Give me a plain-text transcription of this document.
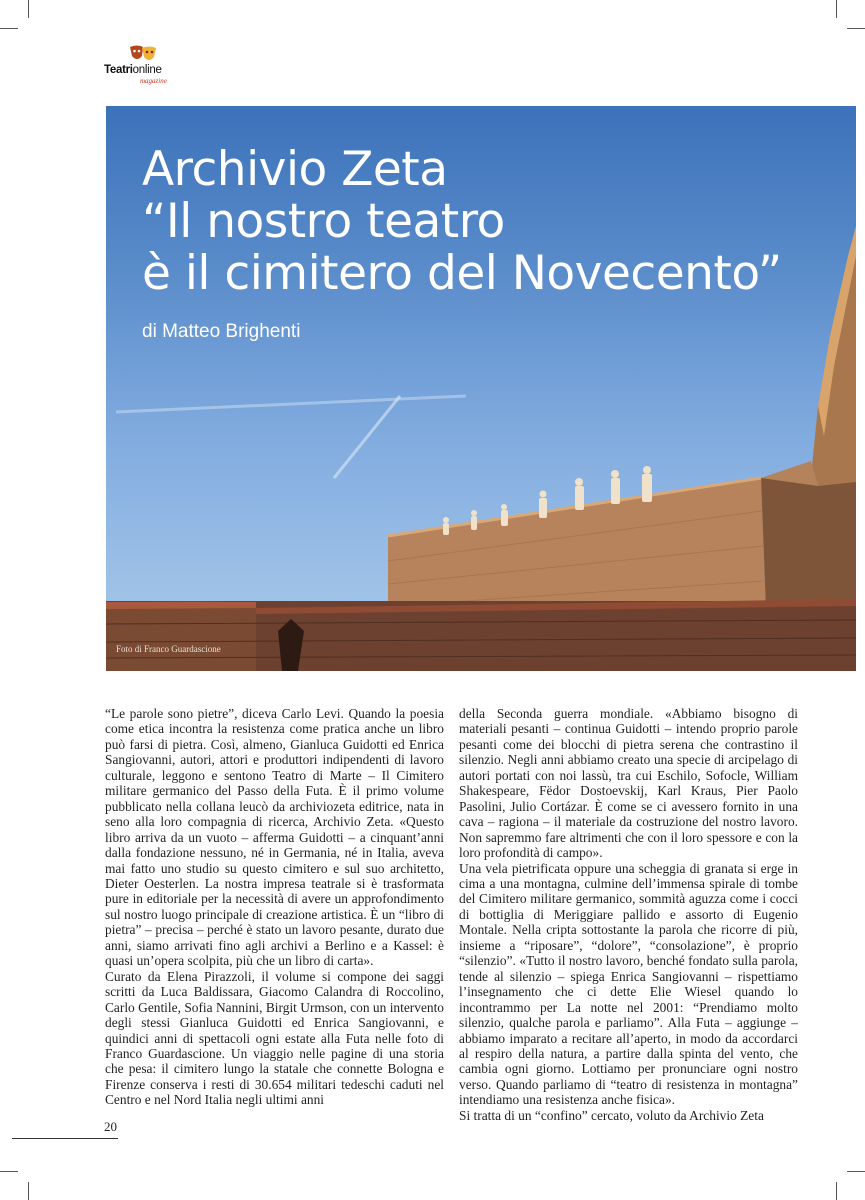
Teatrionline
magazine
Archivio Zeta
“Il nostro teatro
è il cimitero del Novecento”
di Matteo Brighenti
Foto di Franco Guardascione

“Le parole sono pietre”, diceva Carlo Levi. Quando la poesia come etica incontra la resistenza come pratica anche un libro può farsi di pietra. Così, almeno, Gianluca Guidotti ed Enrica Sangiovanni, autori, attori e produttori indipendenti di lavoro culturale, leggono e sentono Teatro di Marte – Il Cimitero militare germanico del Passo della Futa. È il primo volume pubblicato nella collana leucò da archiviozeta editrice, nata in seno alla loro compagnia di ricerca, Archivio Zeta. «Questo libro arriva da un vuoto – afferma Guidotti – a cinquant’anni dalla fondazione nessuno, né in Germania, né in Italia, aveva mai fatto uno studio su questo cimitero e sul suo architetto, Dieter Oesterlen. La nostra impresa teatrale si è trasformata pure in editoriale per la necessità di avere un approfondimento sul nostro luogo principale di creazione artistica. È un “libro di pietra” – precisa – perché è stato un lavoro pesante, durato due anni, siamo arrivati fino agli archivi a Berlino e a Kassel: è quasi un’opera scolpita, più che un libro di carta».

Curato da Elena Pirazzoli, il volume si compone dei saggi scritti da Luca Baldissara, Giacomo Calandra di Roccolino, Carlo Gentile, Sofia Nannini, Birgit Urmson, con un intervento degli stessi Gianluca Guidotti ed Enrica Sangiovanni, e quindici anni di spettacoli ogni estate alla Futa nelle foto di Franco Guardascione. Un viaggio nelle pagine di una storia che pesa: il cimitero lungo la statale che connette Bologna e Firenze conserva i resti di 30.654 militari tedeschi caduti nel Centro e nel Nord Italia negli ultimi anni

della Seconda guerra mondiale. «Abbiamo bisogno di materiali pesanti – continua Guidotti – intendo proprio parole pesanti come dei blocchi di pietra serena che contrastino il silenzio. Negli anni abbiamo creato una specie di arcipelago di autori portati con noi lassù, tra cui Eschilo, Sofocle, William Shakespeare, Fëdor Dostoevskij, Karl Kraus, Pier Paolo Pasolini, Julio Cortázar. È come se ci avessero fornito in una cava – ragiona – il materiale da costruzione del nostro lavoro. Non sapremmo fare altrimenti che con il loro spessore e con la loro profondità di campo».

Una vela pietrificata oppure una scheggia di granata si erge in cima a una montagna, culmine dell’immensa spirale di tombe del Cimitero militare germanico, sommità aguzza come i cocci di bottiglia di Meriggiare pallido e assorto di Eugenio Montale. Nella cripta sottostante la parola che ricorre di più, insieme a “riposare”, “dolore”, “consolazione”, è proprio “silenzio”. «Tutto il nostro lavoro, benché fondato sulla parola, tende al silenzio – spiega Enrica Sangiovanni – rispettiamo l’insegnamento che ci dette Elie Wiesel quando lo incontrammo per La notte nel 2001: “Prendiamo molto silenzio, qualche parola e parliamo”. Alla Futa – aggiunge – abbiamo imparato a recitare all’aperto, in modo da accordarci al respiro della natura, a partire dalla spinta del vento, che cambia ogni giorno. Lottiamo per pronunciare ogni nostro verso. Quando parliamo di “teatro di resistenza in montagna” intendiamo una resistenza anche fisica».

Si tratta di un “confino” cercato, voluto da Archivio Zeta

20
